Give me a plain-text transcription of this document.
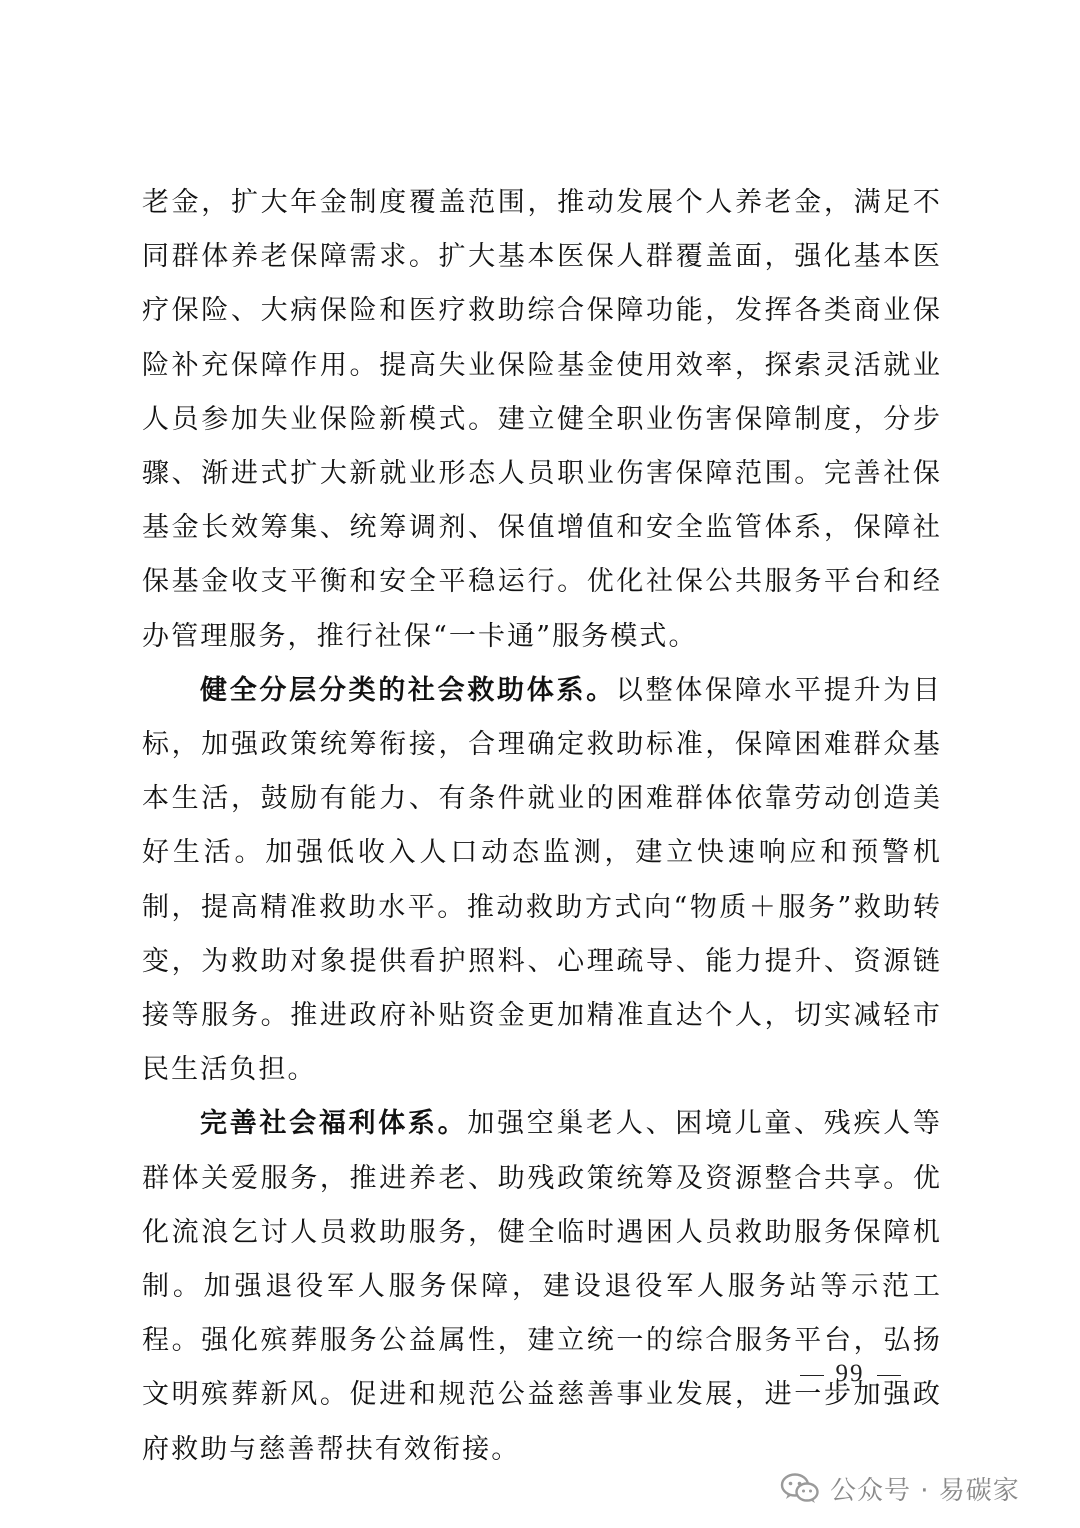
老金，扩大年金制度覆盖范围，推动发展个人养老金，满足不同群体养老保障需求。扩大基本医保人群覆盖面，强化基本医疗保险、大病保险和医疗救助综合保障功能，发挥各类商业保险补充保障作用。提高失业保险基金使用效率，探索灵活就业人员参加失业保险新模式。建立健全职业伤害保障制度，分步骤、渐进式扩大新就业形态人员职业伤害保障范围。完善社保基金长效筹集、统筹调剂、保值增值和安全监管体系，保障社保基金收支平衡和安全平稳运行。优化社保公共服务平台和经办管理服务，推行社保“一卡通”服务模式。

健全分层分类的社会救助体系。以整体保障水平提升为目标，加强政策统筹衔接，合理确定救助标准，保障困难群众基本生活，鼓励有能力、有条件就业的困难群体依靠劳动创造美好生活。加强低收入人口动态监测，建立快速响应和预警机制，提高精准救助水平。推动救助方式向“物质＋服务”救助转变，为救助对象提供看护照料、心理疏导、能力提升、资源链接等服务。推进政府补贴资金更加精准直达个人，切实减轻市民生活负担。

完善社会福利体系。加强空巢老人、困境儿童、残疾人等群体关爱服务，推进养老、助残政策统筹及资源整合共享。优化流浪乞讨人员救助服务，健全临时遇困人员救助服务保障机制。加强退役军人服务保障，建设退役军人服务站等示范工程。强化殡葬服务公益属性，建立统一的综合服务平台，弘扬文明殡葬新风。促进和规范公益慈善事业发展，进一步加强政府救助与慈善帮扶有效衔接。

99
公众号 · 易碳家
